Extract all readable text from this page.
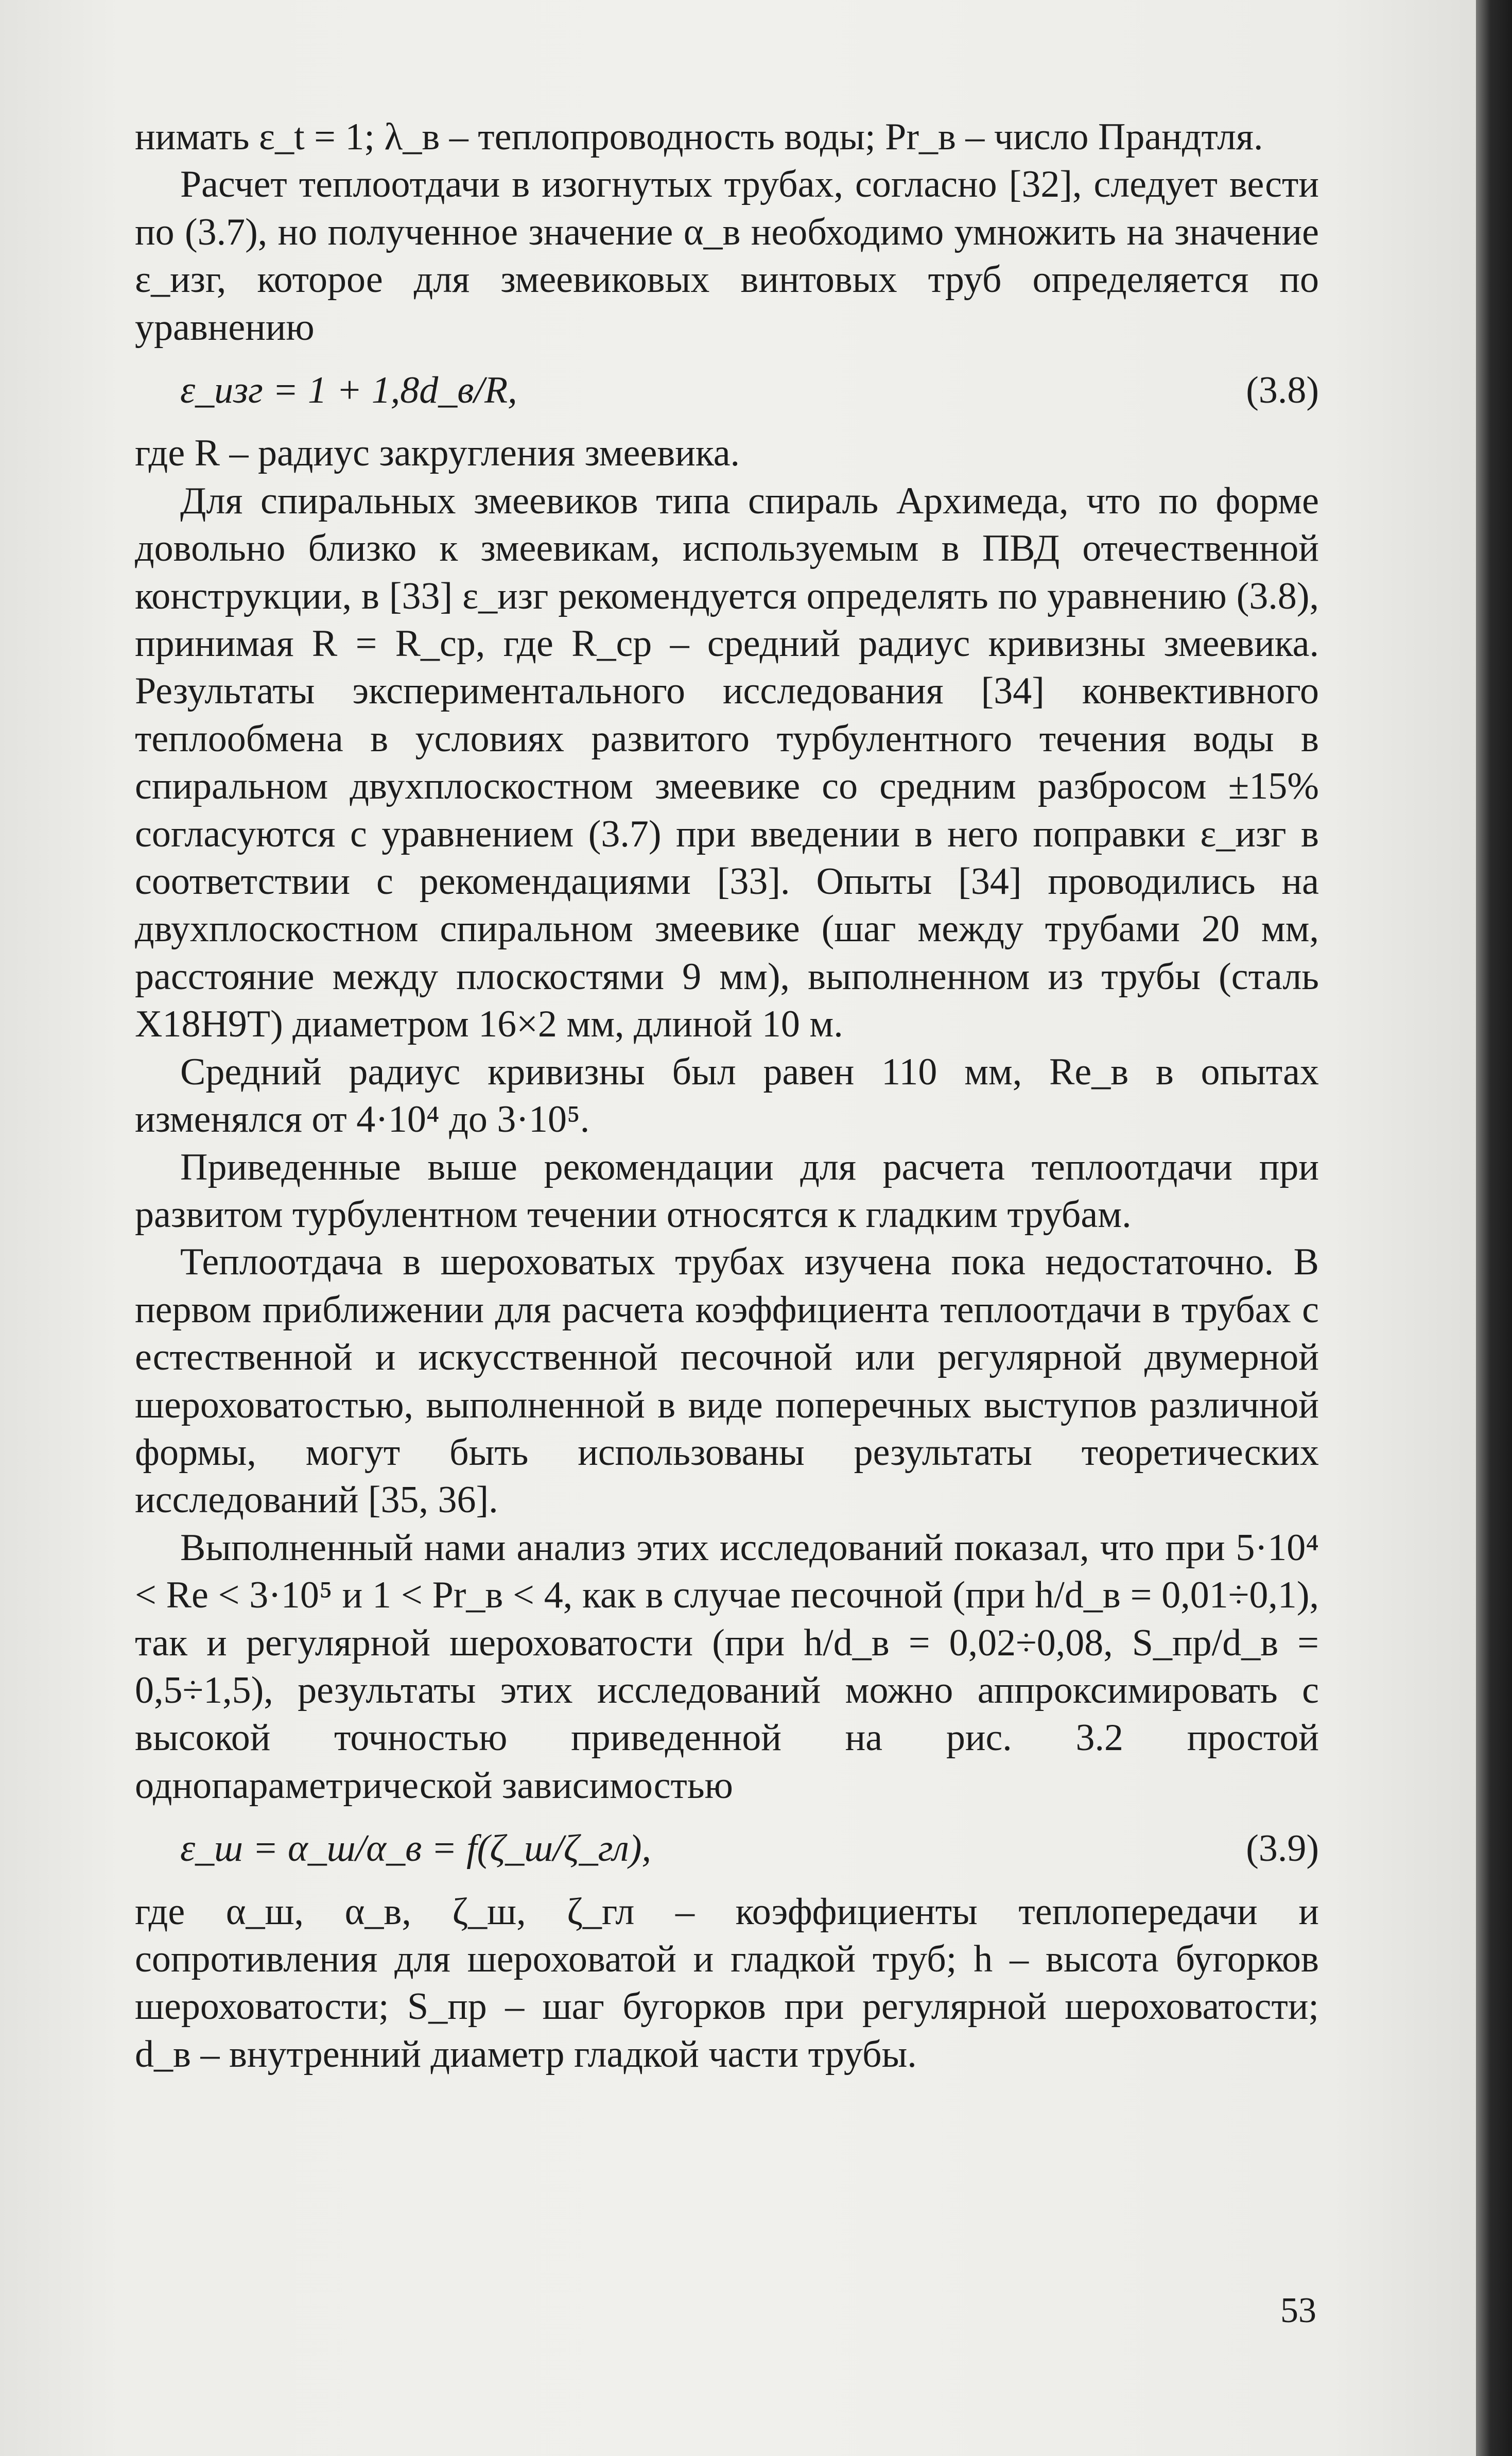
нимать ε_t = 1; λ_в – теплопроводность воды; Pr_в – число Прандтля.

Расчет теплоотдачи в изогнутых трубах, согласно [32], следует вести по (3.7), но полученное значение α_в необходимо умножить на значение ε_изг, которое для змеевиковых винтовых труб определяется по уравнению

ε_изг = 1 + 1,8d_в/R,	(3.8)

где R – радиус закругления змеевика.

Для спиральных змеевиков типа спираль Архимеда, что по форме довольно близко к змеевикам, используемым в ПВД отечественной конструкции, в [33] ε_изг рекомендуется определять по уравнению (3.8), принимая R = R_ср, где R_ср – средний радиус кривизны змеевика. Результаты экспериментального исследования [34] конвективного теплообмена в условиях развитого турбулентного течения воды в спиральном двухплоскостном змеевике со средним разбросом ±15% согласуются с уравнением (3.7) при введении в него поправки ε_изг в соответствии с рекомендациями [33]. Опыты [34] проводились на двухплоскостном спиральном змеевике (шаг между трубами 20 мм, расстояние между плоскостями 9 мм), выполненном из трубы (сталь Х18Н9Т) диаметром 16×2 мм, длиной 10 м.

Средний радиус кривизны был равен 110 мм, Re_в в опытах изменялся от 4·10⁴ до 3·10⁵.

Приведенные выше рекомендации для расчета теплоотдачи при развитом турбулентном течении относятся к гладким трубам.

Теплоотдача в шероховатых трубах изучена пока недостаточно. В первом приближении для расчета коэффициента теплоотдачи в трубах с естественной и искусственной песочной или регулярной двумерной шероховатостью, выполненной в виде поперечных выступов различной формы, могут быть использованы результаты теоретических исследований [35, 36].

Выполненный нами анализ этих исследований показал, что при 5·10⁴ < Re < 3·10⁵ и 1 < Pr_в < 4, как в случае песочной (при h/d_в = 0,01÷0,1), так и регулярной шероховатости (при h/d_в = 0,02÷0,08, S_пр/d_в = 0,5÷1,5), результаты этих исследований можно аппроксимировать с высокой точностью приведенной на рис. 3.2 простой однопараметрической зависимостью

ε_ш = α_ш/α_в = f(ζ_ш/ζ_гл),	(3.9)

где α_ш, α_в, ζ_ш, ζ_гл – коэффициенты теплопередачи и сопротивления для шероховатой и гладкой труб; h – высота бугорков шероховатости; S_пр – шаг бугорков при регулярной шероховатости; d_в – внутренний диаметр гладкой части трубы.

53
